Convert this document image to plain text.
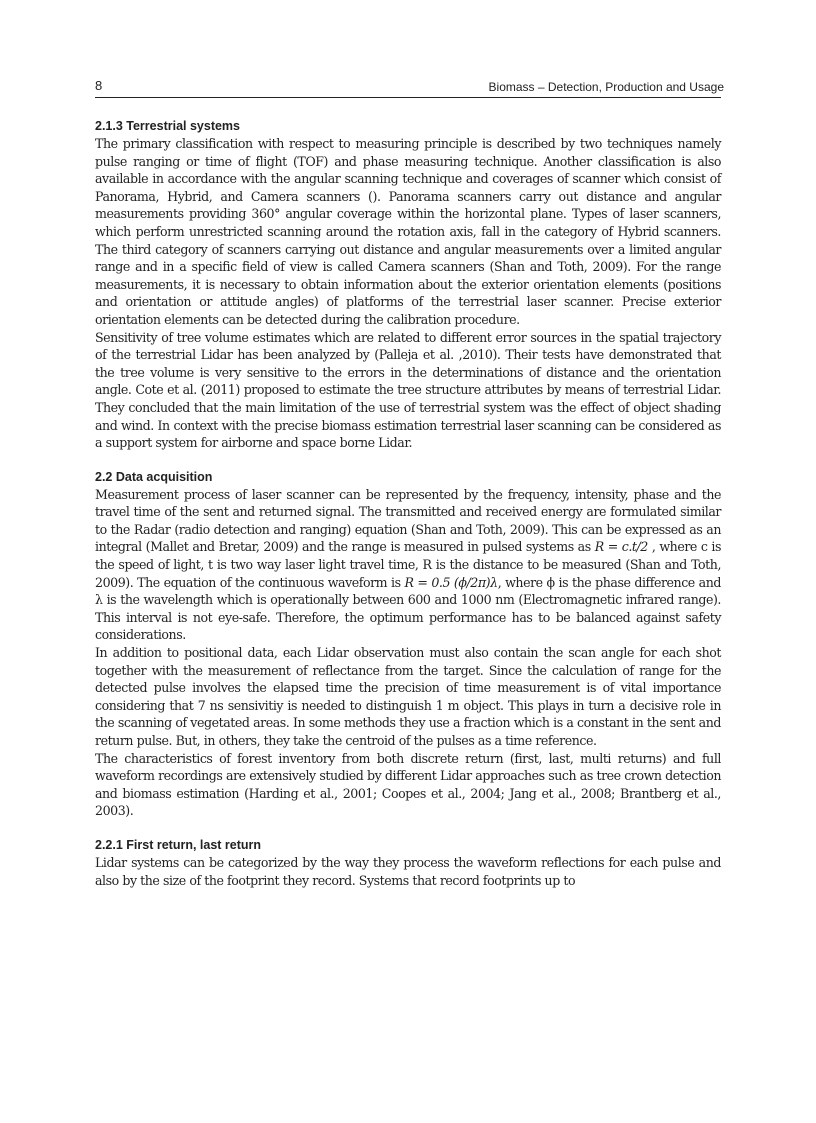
8	Biomass – Detection, Production and Usage
2.1.3 Terrestrial systems

The primary classification with respect to measuring principle is described by two techniques namely pulse ranging or time of flight (TOF) and phase measuring technique. Another classification is also available in accordance with the angular scanning technique and coverages of scanner which consist of Panorama, Hybrid, and Camera scanners (). Panorama scanners carry out distance and angular measurements providing 360° angular coverage within the horizontal plane. Types of laser scanners, which perform unrestricted scanning around the rotation axis, fall in the category of Hybrid scanners. The third category of scanners carrying out distance and angular measurements over a limited angular range and in a specific field of view is called Camera scanners (Shan and Toth, 2009). For the range measurements, it is necessary to obtain information about the exterior orientation elements (positions and orientation or attitude angles) of platforms of the terrestrial laser scanner. Precise exterior orientation elements can be detected during the calibration procedure.

Sensitivity of tree volume estimates which are related to different error sources in the spatial trajectory of the terrestrial Lidar has been analyzed by (Palleja et al. ,2010). Their tests have demonstrated that the tree volume is very sensitive to the errors in the determinations of distance and the orientation angle. Cote et al. (2011) proposed to estimate the tree structure attributes by means of terrestrial Lidar. They concluded that the main limitation of the use of terrestrial system was the effect of object shading and wind. In context with the precise biomass estimation terrestrial laser scanning can be considered as a support system for airborne and space borne Lidar.

2.2 Data acquisition

Measurement process of laser scanner can be represented by the frequency, intensity, phase and the travel time of the sent and returned signal. The transmitted and received energy are formulated similar to the Radar (radio detection and ranging) equation (Shan and Toth, 2009). This can be expressed as an integral (Mallet and Bretar, 2009) and the range is measured in pulsed systems as R = c.t/2 , where c is the speed of light, t is two way laser light travel time, R is the distance to be measured (Shan and Toth, 2009). The equation of the continuous waveform is R = 0.5 (ϕ/2π)λ, where ϕ is the phase difference and λ is the wavelength which is operationally between 600 and 1000 nm (Electromagnetic infrared range). This interval is not eye-safe. Therefore, the optimum performance has to be balanced against safety considerations.

In addition to positional data, each Lidar observation must also contain the scan angle for each shot together with the measurement of reflectance from the target. Since the calculation of range for the detected pulse involves the elapsed time the precision of time measurement is of vital importance considering that 7 ns sensivitiy is needed to distinguish 1 m object. This plays in turn a decisive role in the scanning of vegetated areas. In some methods they use a fraction which is a constant in the sent and return pulse. But, in others, they take the centroid of the pulses as a time reference.

The characteristics of forest inventory from both discrete return (first, last, multi returns) and full waveform recordings are extensively studied by different Lidar approaches such as tree crown detection and biomass estimation (Harding et al., 2001; Coopes et al., 2004; Jang et al., 2008; Brantberg et al., 2003).

2.2.1 First return, last return

Lidar systems can be categorized by the way they process the waveform reflections for each pulse and also by the size of the footprint they record. Systems that record footprints up to
